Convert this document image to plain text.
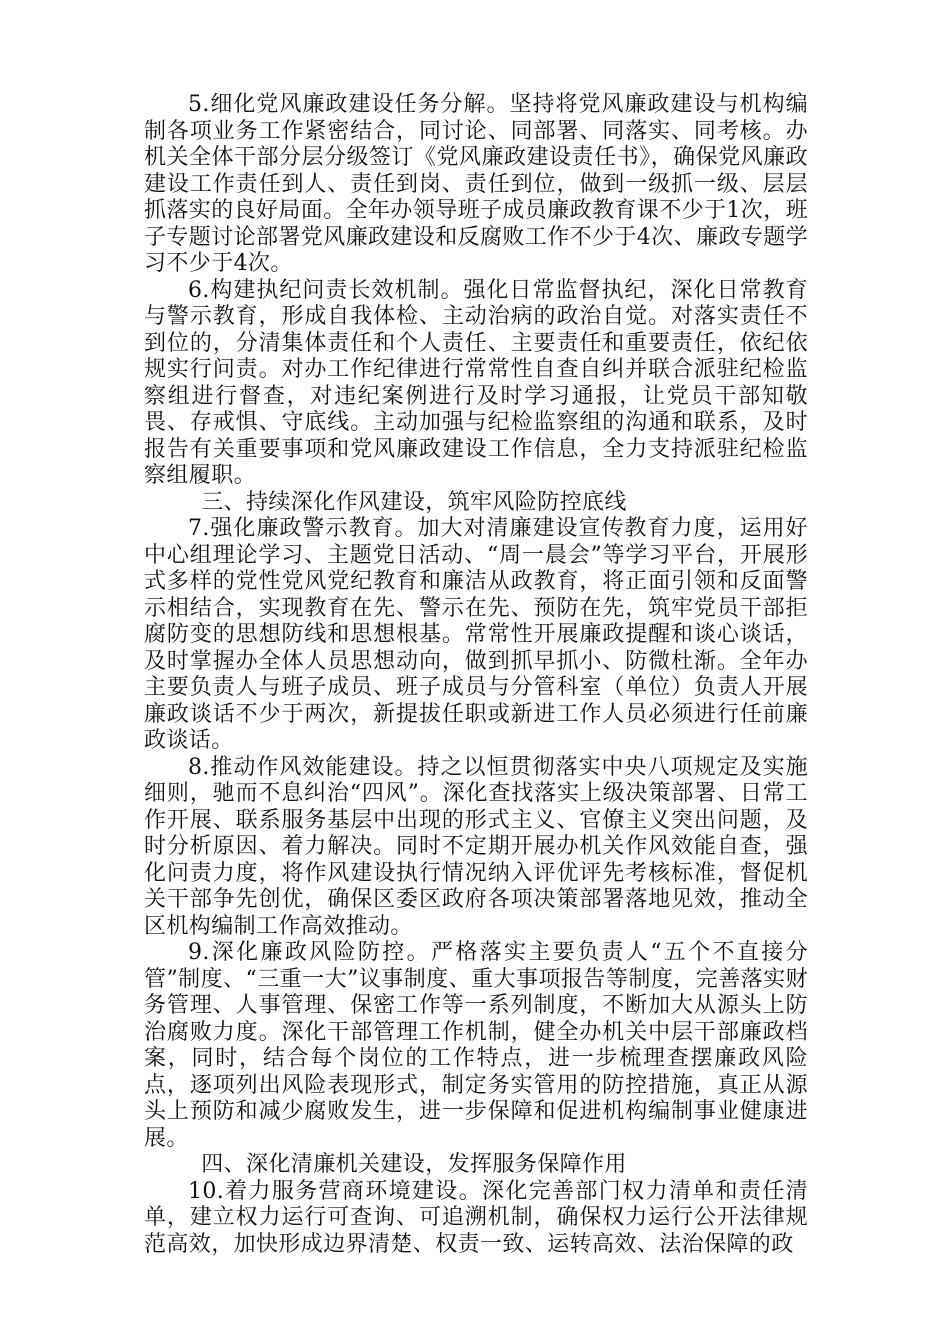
5.细化党风廉政建设任务分解。坚持将党风廉政建设与机构编制各项业务工作紧密结合，同讨论、同部署、同落实、同考核。办机关全体干部分层分级签订《党风廉政建设责任书》，确保党风廉政建设工作责任到人、责任到岗、责任到位，做到一级抓一级、层层抓落实的良好局面。全年办领导班子成员廉政教育课不少于1次，班子专题讨论部署党风廉政建设和反腐败工作不少于4次、廉政专题学习不少于4次。

6.构建执纪问责长效机制。强化日常监督执纪，深化日常教育与警示教育，形成自我体检、主动治病的政治自觉。对落实责任不到位的，分清集体责任和个人责任、主要责任和重要责任，依纪依规实行问责。对办工作纪律进行常常性自查自纠并联合派驻纪检监察组进行督查，对违纪案例进行及时学习通报，让党员干部知敬畏、存戒惧、守底线。主动加强与纪检监察组的沟通和联系，及时报告有关重要事项和党风廉政建设工作信息，全力支持派驻纪检监察组履职。

三、持续深化作风建设，筑牢风险防控底线

7.强化廉政警示教育。加大对清廉建设宣传教育力度，运用好中心组理论学习、主题党日活动、“周一晨会”等学习平台，开展形式多样的党性党风党纪教育和廉洁从政教育，将正面引领和反面警示相结合，实现教育在先、警示在先、预防在先，筑牢党员干部拒腐防变的思想防线和思想根基。常常性开展廉政提醒和谈心谈话，及时掌握办全体人员思想动向，做到抓早抓小、防微杜渐。全年办主要负责人与班子成员、班子成员与分管科室（单位）负责人开展廉政谈话不少于两次，新提拔任职或新进工作人员必须进行任前廉政谈话。

8.推动作风效能建设。持之以恒贯彻落实中央八项规定及实施细则，驰而不息纠治“四风”。深化查找落实上级决策部署、日常工作开展、联系服务基层中出现的形式主义、官僚主义突出问题，及时分析原因、着力解决。同时不定期开展办机关作风效能自查，强化问责力度，将作风建设执行情况纳入评优评先考核标准，督促机关干部争先创优，确保区委区政府各项决策部署落地见效，推动全区机构编制工作高效推动。

9.深化廉政风险防控。严格落实主要负责人“五个不直接分管”制度、“三重一大”议事制度、重大事项报告等制度，完善落实财务管理、人事管理、保密工作等一系列制度，不断加大从源头上防治腐败力度。深化干部管理工作机制，健全办机关中层干部廉政档案，同时，结合每个岗位的工作特点，进一步梳理查摆廉政风险点，逐项列出风险表现形式，制定务实管用的防控措施，真正从源头上预防和减少腐败发生，进一步保障和促进机构编制事业健康进展。

四、深化清廉机关建设，发挥服务保障作用

10.着力服务营商环境建设。深化完善部门权力清单和责任清单，建立权力运行可查询、可追溯机制，确保权力运行公开法律规范高效，加快形成边界清楚、权责一致、运转高效、法治保障的政
